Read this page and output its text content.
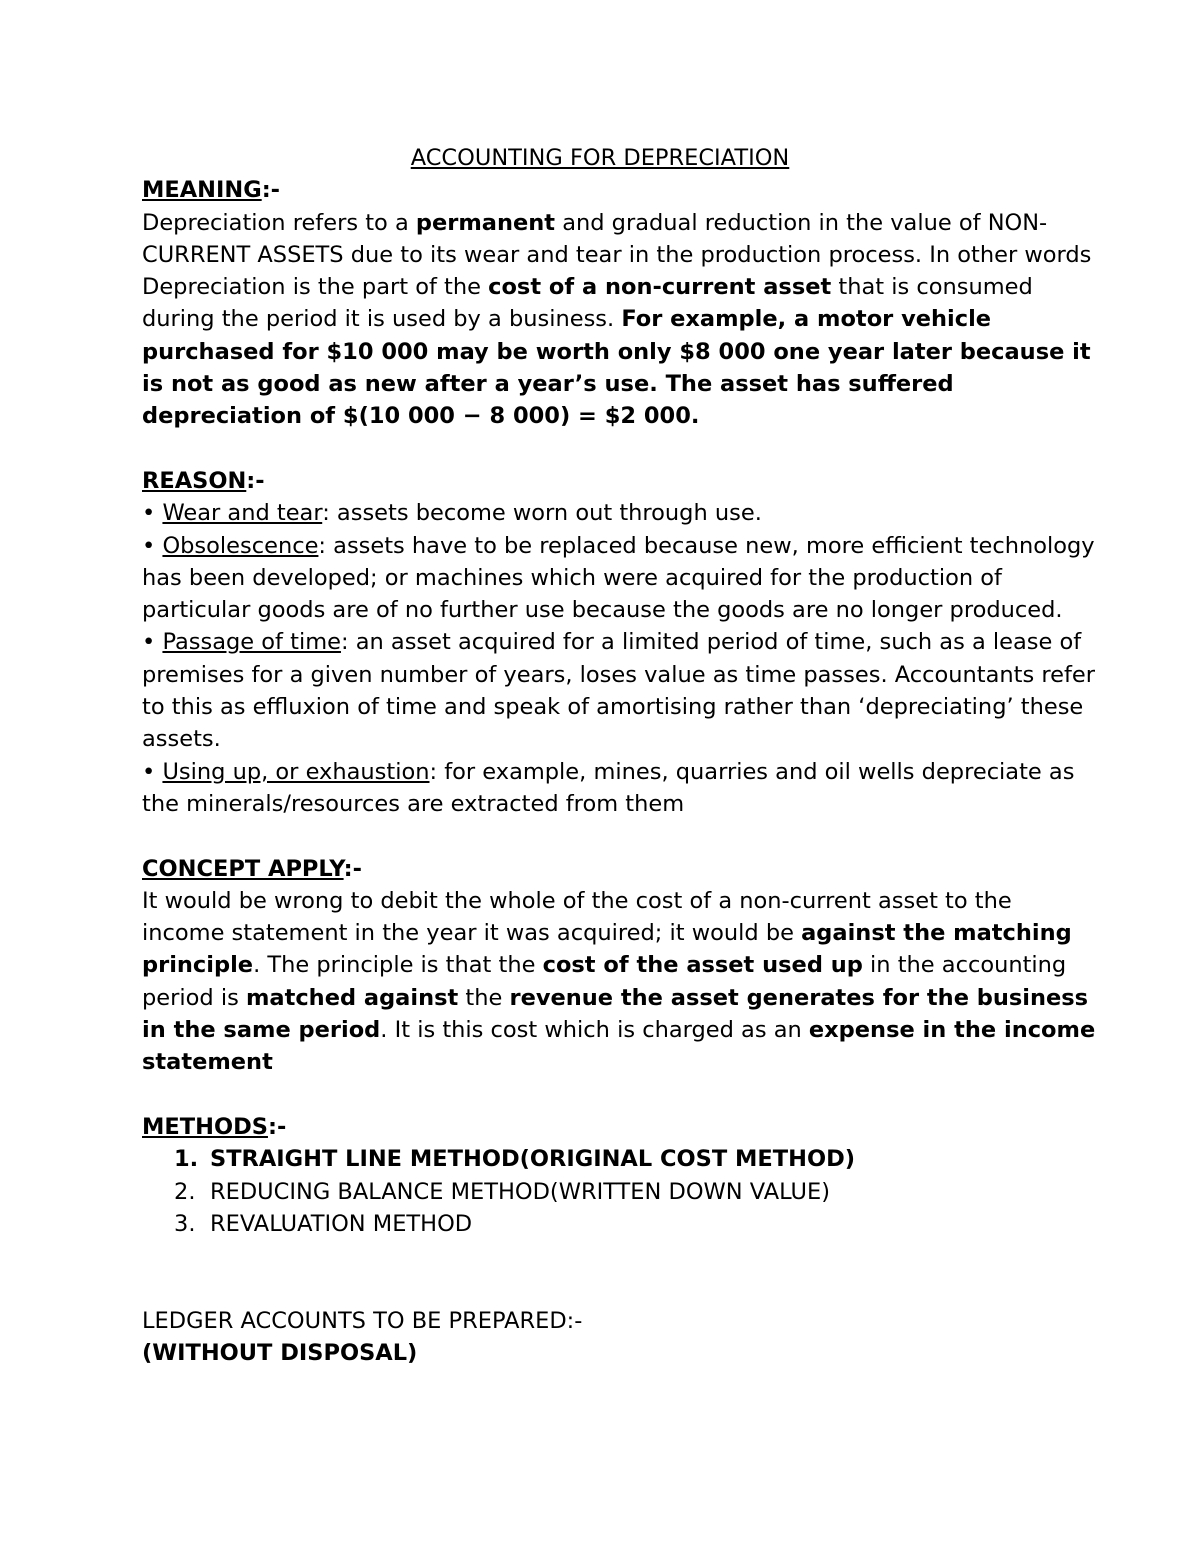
ACCOUNTING FOR DEPRECIATION
MEANING:-

Depreciation refers to a permanent and gradual reduction in the value of NON-CURRENT ASSETS due to its wear and tear in the production process. In other words Depreciation is the part of the cost of a non-current asset that is consumed during the period it is used by a business. For example, a motor vehicle purchased for $10 000 may be worth only $8 000 one year later because it is not as good as new after a year’s use. The asset has suffered depreciation of $(10 000 − 8 000) = $2 000.

REASON:-

• Wear and tear: assets become worn out through use.

• Obsolescence: assets have to be replaced because new, more efficient technology has been developed; or machines which were acquired for the production of particular goods are of no further use because the goods are no longer produced.

• Passage of time: an asset acquired for a limited period of time, such as a lease of premises for a given number of years, loses value as time passes. Accountants refer to this as effluxion of time and speak of amortising rather than ‘depreciating’ these assets.

• Using up, or exhaustion: for example, mines, quarries and oil wells depreciate as the minerals/resources are extracted from them

CONCEPT APPLY:-

It would be wrong to debit the whole of the cost of a non-current asset to the income statement in the year it was acquired; it would be against the matching principle. The principle is that the cost of the asset used up in the accounting period is matched against the revenue the asset generates for the business in the same period. It is this cost which is charged as an expense in the income statement

METHODS:-
1. STRAIGHT LINE METHOD(ORIGINAL COST METHOD)
2. REDUCING BALANCE METHOD(WRITTEN DOWN VALUE)
3. REVALUATION METHOD
LEDGER ACCOUNTS TO BE PREPARED:-
(WITHOUT DISPOSAL)
